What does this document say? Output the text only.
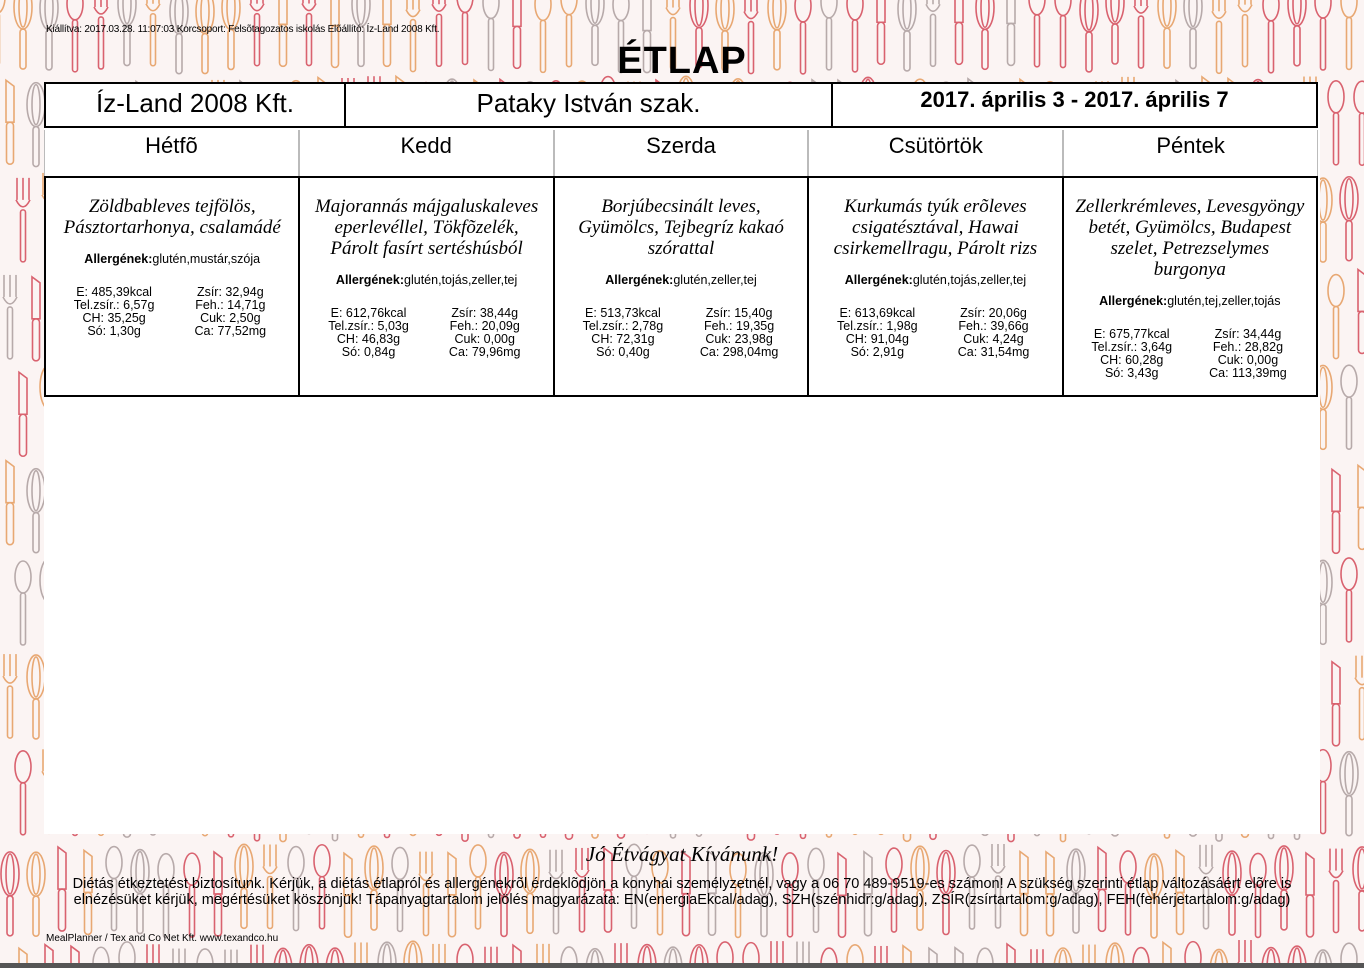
Kiállítva: 2017.03.28. 11:07:03 Korcsoport: Felsõtagozatos iskolás Elõállító: Íz-Land 2008 Kft.
ÉTLAP
Íz-Land 2008 Kft.	Pataky István szak.	2017. április 3 - 2017. április 7
Hétfõ	Kedd	Szerda	Csütörtök	Péntek
Zöldbableves tejfölös, Pásztortarhonya, csalamádé
Allergének:glutén,mustár,szója
E: 485,39kcal	Zsír: 32,94g
Tel.zsír.: 6,57g	Feh.: 14,71g
CH: 35,25g	Cuk: 2,50g
Só: 1,30g	Ca: 77,52mg
Majorannás májgaluskaleves eperlevéllel, Tökfõzelék, Párolt fasírt sertéshúsból
Allergének:glutén,tojás,zeller,tej
E: 612,76kcal	Zsír: 38,44g
Tel.zsír.: 5,03g	Feh.: 20,09g
CH: 46,83g	Cuk: 0,00g
Só: 0,84g	Ca: 79,96mg
Borjúbecsinált leves, Gyümölcs, Tejbegríz kakaó szórattal
Allergének:glutén,zeller,tej
E: 513,73kcal	Zsír: 15,40g
Tel.zsír.: 2,78g	Feh.: 19,35g
CH: 72,31g	Cuk: 23,98g
Só: 0,40g	Ca: 298,04mg
Kurkumás tyúk erõleves csigatésztával, Hawai csirkemellragu, Párolt rizs
Allergének:glutén,tojás,zeller,tej
E: 613,69kcal	Zsír: 20,06g
Tel.zsír.: 1,98g	Feh.: 39,66g
CH: 91,04g	Cuk: 4,24g
Só: 2,91g	Ca: 31,54mg
Zellerkrémleves, Levesgyöngy betét, Gyümölcs, Budapest szelet, Petrezselymes burgonya
Allergének:glutén,tej,zeller,tojás
E: 675,77kcal	Zsír: 34,44g
Tel.zsír.: 3,64g	Feh.: 28,82g
CH: 60,28g	Cuk: 0,00g
Só: 3,43g	Ca: 113,39mg
Jó Étvágyat Kívánunk!
Diétás étkeztetést biztosítunk. Kérjük, a diétás étlapról és allergénekrõl érdeklõdjön a konyhai személyzetnél, vagy a 06 70 489-9519-es számon! A szükség szerinti étlap változásáért elõre is elnézésüket kérjük, megértésüket köszönjük! Tápanyagtartalom jelölés magyarázata: EN(energiaEkcal/adag), SZH(szénhidr:g/adag), ZSÍR(zsírtartalom:g/adag), FEH(fehérjetartalom:g/adag)
MealPlanner / Tex and Co Net Kft. www.texandco.hu
